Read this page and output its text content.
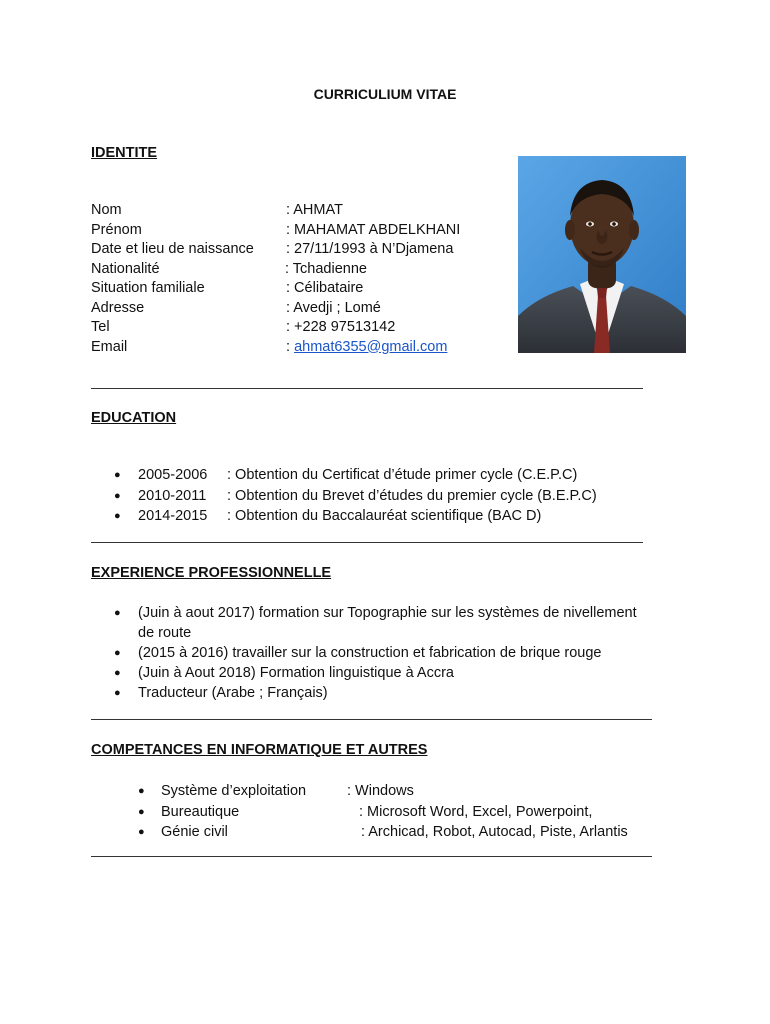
CURRICULIUM VITAE
IDENTITE
Nom	: AHMAT
Prénom	: MAHAMAT ABDELKHANI
Date et lieu de naissance : 27/11/1993 à N’Djamena
Nationalité	: Tchadienne
Situation familiale	: Célibataire
Adresse	: Avedji ; Lomé
Tel	: +228 97513142
Email	: ahmat6355@gmail.com
EDUCATION
● 2005-2006 : Obtention du Certificat d’étude primer cycle (C.E.P.C)
● 2010-2011 : Obtention du Brevet d’études du premier cycle (B.E.P.C)
● 2014-2015 : Obtention du Baccalauréat scientifique (BAC D)
EXPERIENCE PROFESSIONNELLE
● (Juin à aout 2017) formation sur Topographie sur les systèmes de nivellement
de route
● (2015 à 2016) travailler sur la construction et fabrication de brique rouge
● (Juin à Aout 2018) Formation linguistique à Accra
● Traducteur (Arabe ; Français)
COMPETANCES EN INFORMATIQUE ET AUTRES
● Système d’exploitation	: Windows
● Bureautique	: Microsoft Word, Excel, Powerpoint,
● Génie civil	: Archicad, Robot, Autocad, Piste, Arlantis
